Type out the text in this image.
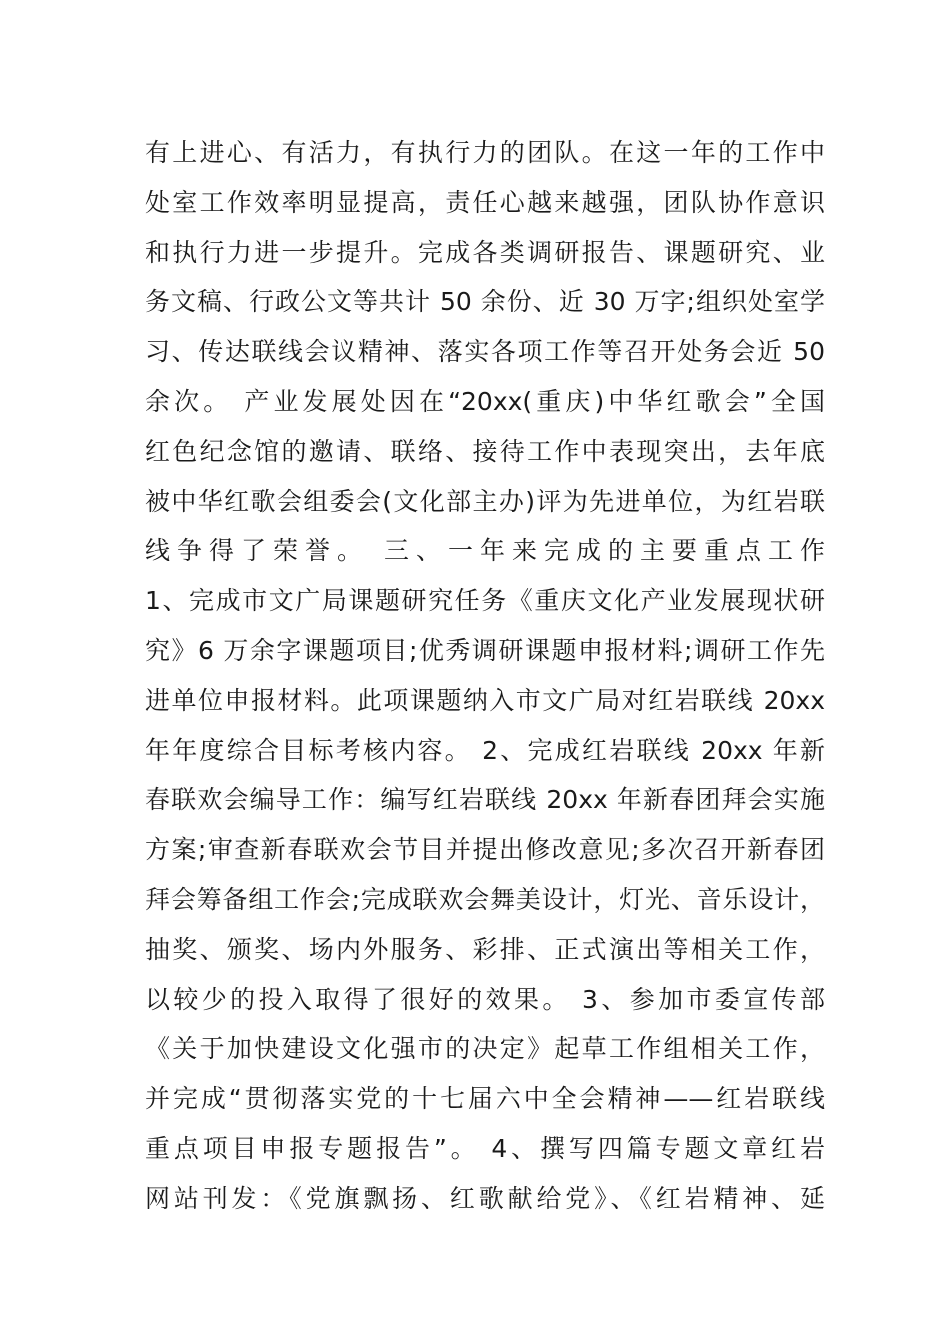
有上进心、有活力，有执行力的团队。在这一年的工作中
处室工作效率明显提高，责任心越来越强，团队协作意识
和执行力进一步提升。完成各类调研报告、课题研究、业
务文稿、行政公文等共计 50 余份、近 30 万字;组织处室学
习、传达联线会议精神、落实各项工作等召开处务会近 50
余次。 产业发展处因在“20xx(重庆)中华红歌会”全国
红色纪念馆的邀请、联络、接待工作中表现突出，去年底
被中华红歌会组委会(文化部主办)评为先进单位，为红岩联
线争得了荣誉。 三、一年来完成的主要重点工作
1、完成市文广局课题研究任务《重庆文化产业发展现状研
究》6 万余字课题项目;优秀调研课题申报材料;调研工作先
进单位申报材料。此项课题纳入市文广局对红岩联线 20xx
年年度综合目标考核内容。 2、完成红岩联线 20xx 年新
春联欢会编导工作：编写红岩联线 20xx 年新春团拜会实施
方案;审查新春联欢会节目并提出修改意见;多次召开新春团
拜会筹备组工作会;完成联欢会舞美设计，灯光、音乐设计，
抽奖、颁奖、场内外服务、彩排、正式演出等相关工作，
以较少的投入取得了很好的效果。 3、参加市委宣传部
《关于加快建设文化强市的决定》起草工作组相关工作，
并完成“贯彻落实党的十七届六中全会精神——红岩联线
重点项目申报专题报告”。 4、撰写四篇专题文章红岩
网站刊发：《党旗飘扬、红歌献给党》、《红岩精神、延
